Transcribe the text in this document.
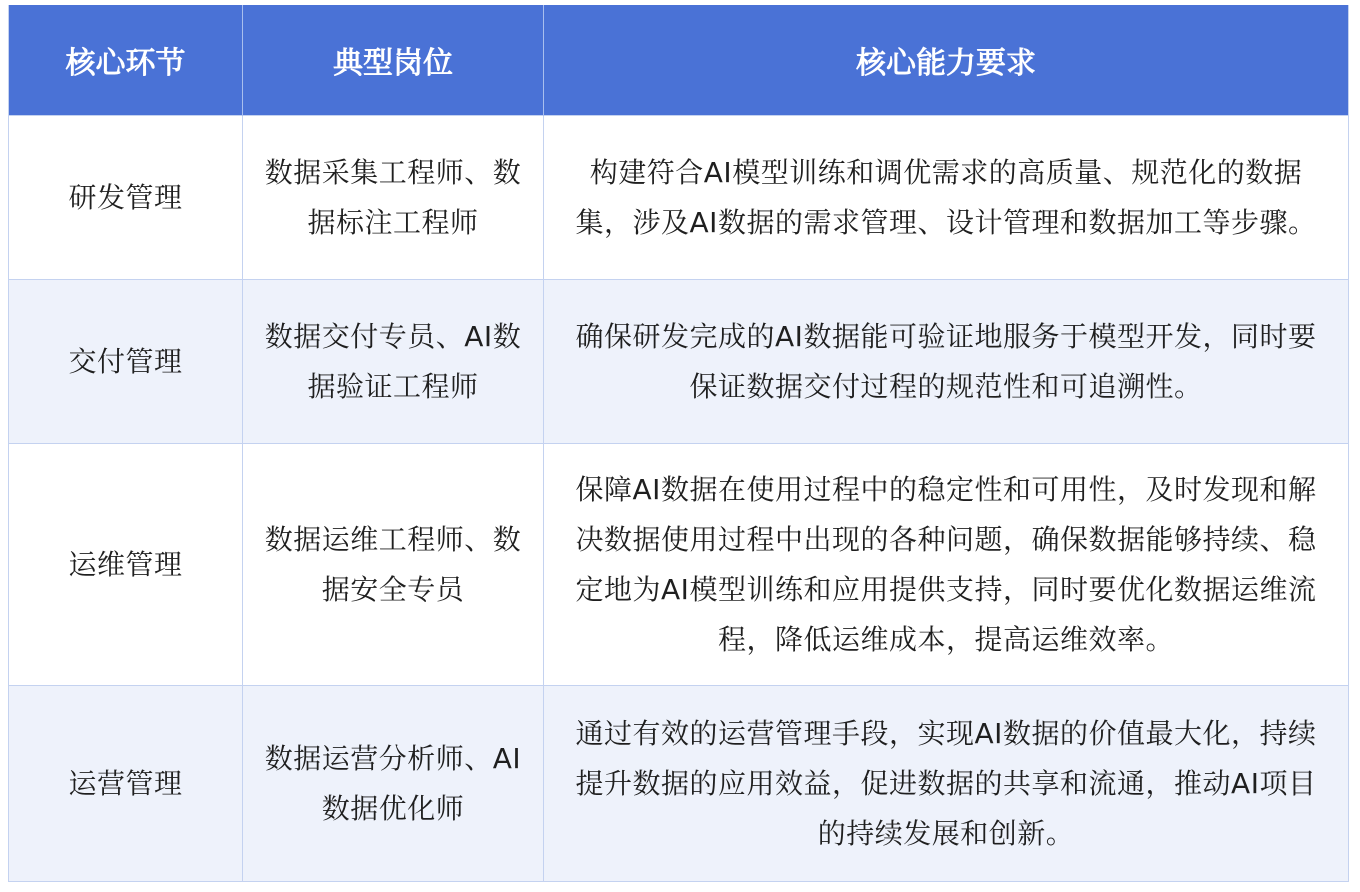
核心环节	典型岗位	核心能力要求
研发管理	数据采集工程师、数据标注工程师	构建符合AI模型训练和调优需求的高质量、规范化的数据集，涉及AI数据的需求管理、设计管理和数据加工等步骤。
交付管理	数据交付专员、AI数据验证工程师	确保研发完成的AI数据能可验证地服务于模型开发，同时要保证数据交付过程的规范性和可追溯性。
运维管理	数据运维工程师、数据安全专员	保障AI数据在使用过程中的稳定性和可用性，及时发现和解决数据使用过程中出现的各种问题，确保数据能够持续、稳定地为AI模型训练和应用提供支持，同时要优化数据运维流程，降低运维成本，提高运维效率。
运营管理	数据运营分析师、AI数据优化师	通过有效的运营管理手段，实现AI数据的价值最大化，持续提升数据的应用效益，促进数据的共享和流通，推动AI项目的持续发展和创新。
